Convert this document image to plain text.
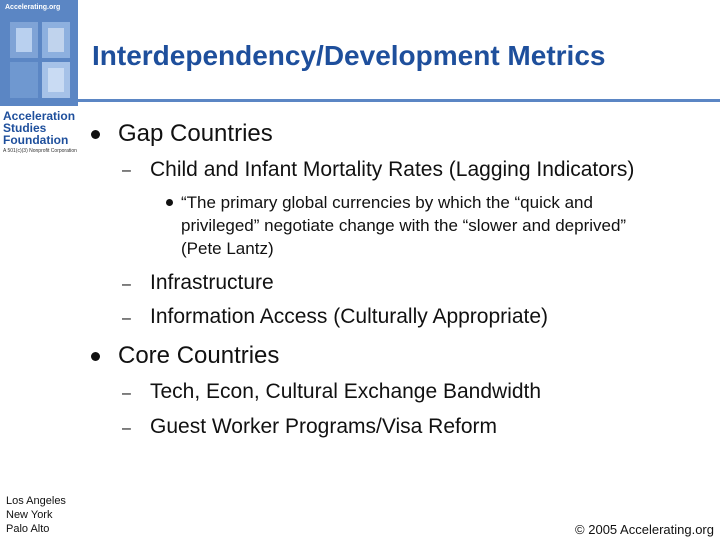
Accelerating.org
Acceleration
Studies
Foundation
A 501(c)(3) Nonprofit Corporation
Los Angeles
New York
Palo Alto
Interdependency/Development Metrics
Gap Countries
– Child and Infant Mortality Rates (Lagging Indicators)
“The primary global currencies by which the “quick and
privileged” negotiate change with the “slower and deprived”
(Pete Lantz)
– Infrastructure
– Information Access (Culturally Appropriate)
Core Countries
– Tech, Econ, Cultural Exchange Bandwidth
– Guest Worker Programs/Visa Reform
© 2005 Accelerating.org
